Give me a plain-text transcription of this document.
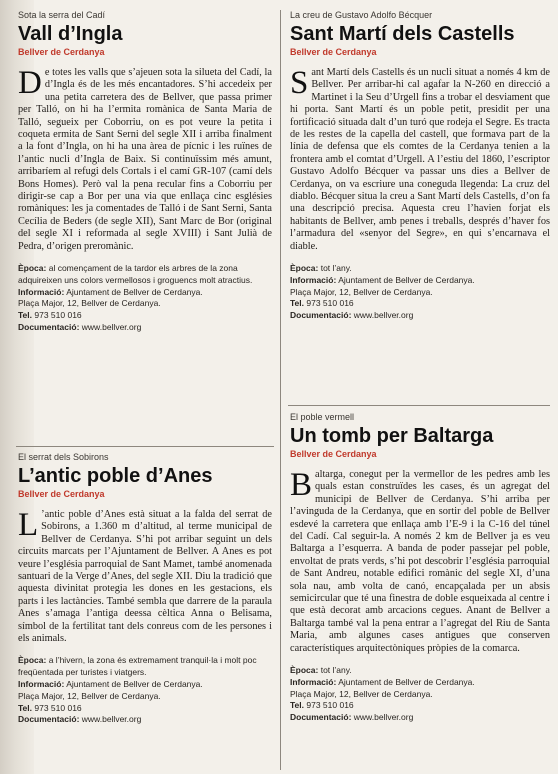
Sota la serra del Cadí
Vall d’Ingla
Bellver de Cerdanya
D e totes les valls que s’ajeuen sota la silueta del Cadí, la d’Ingla és de les més encantadores. S’hi accedeix per una petita carretera des de Bellver, que passa primer per Talló, on hi ha l’ermita romànica de Santa Maria de Talló, segueix per Coborriu, on es pot veure la petita i coqueta ermita de Sant Serni del segle XII i arriba finalment a la font d’Ingla, on hi ha una àrea de pícnic i les ruïnes de l’antic nucli d’Ingla de Baix. Si continuïssim més amunt, arribaríem al refugi dels Cortals i el camí GR-107 (camí dels Bons Homes). Però val la pena recular fins a Coborriu per dirigir-se cap a Bor per una via que enllaça cinc esglésies romàniques: les ja comentades de Talló i de Sant Serni, Santa Cecília de Beders (de segle XII), Sant Marc de Bor (original del segle XI i reformada al segle XVIII) i Sant Julià de Pedra, d’origen preromànic.
Època: al començament de la tardor els arbres de la zona adquireixen uns colors vermellosos i groguencs molt atractius.
Informació: Ajuntament de Bellver de Cerdanya.
Plaça Major, 12, Bellver de Cerdanya.
Tel. 973 510 016
Documentació: www.bellver.org
El serrat dels Sobirons
L’antic poble d’Anes
Bellver de Cerdanya
L ’antic poble d’Anes està situat a la falda del serrat de Sobirons, a 1.360 m d’altitud, al terme municipal de Bellver de Cerdanya. S’hi pot arribar seguint un dels circuits marcats per l’Ajuntament de Bellver. A Anes es pot veure l’església parroquial de Sant Mamet, també anomenada santuari de la Verge d’Anes, del segle XII. Diu la tradició que aquesta divinitat protegia les dones en les gestacions, els parts i les lactàncies. També sembla que darrere de la paraula Anes s’amaga l’antiga deessa cèltica Anna o Belisama, símbol de la fertilitat tant dels conreus com de les persones i els animals.
Època: a l’hivern, la zona és extremament tranquil·la i molt poc freqüentada per turistes i viatgers.
Informació: Ajuntament de Bellver de Cerdanya.
Plaça Major, 12, Bellver de Cerdanya.
Tel. 973 510 016
Documentació: www.bellver.org
La creu de Gustavo Adolfo Bécquer
Sant Martí dels Castells
Bellver de Cerdanya
S ant Martí dels Castells és un nucli situat a només 4 km de Bellver. Per arribar-hi cal agafar la N-260 en direcció a Martinet i la Seu d’Urgell fins a trobar el desviament que hi porta. Sant Martí és un poble petit, presidit per una fortificació situada dalt d’un turó que rodeja el Segre. Es tracta de les restes de la capella del castell, que formava part de la línia de defensa que els comtes de la Cerdanya tenien a la frontera amb el comtat d’Urgell. A l’estiu del 1860, l’escriptor Gustavo Adolfo Bécquer va passar uns dies a Bellver de Cerdanya, on va escriure una coneguda llegenda: La cruz del diablo. Bécquer situa la creu a Sant Martí dels Castells, d’on fa una descripció precisa. Aquesta creu l’havien forjat els habitants de Bellver, amb penes i treballs, després d’haver fos l’armadura del «senyor del Segre», en qui s’encarnava el diable.
Època: tot l’any.
Informació: Ajuntament de Bellver de Cerdanya.
Plaça Major, 12, Bellver de Cerdanya.
Tel. 973 510 016
Documentació: www.bellver.org
El poble vermell
Un tomb per Baltarga
Bellver de Cerdanya
B altarga, conegut per la vermellor de les pedres amb les quals estan construïdes les cases, és un agregat del municipi de Bellver de Cerdanya. S’hi arriba per l’avinguda de la Cerdanya, que en sortir del poble de Bellver esdevé la carretera que enllaça amb l’E-9 i la C-16 del túnel del Cadí. Cal seguir-la. A només 2 km de Bellver ja es veu Baltarga a l’esquerra. A banda de poder passejar pel poble, envoltat de prats verds, s’hi pot descobrir l’església parroquial de Sant Andreu, notable edifici romànic del segle XI, d’una sola nau, amb volta de canó, encapçalada per un absis semicircular que té una finestra de doble esqueixada al centre i que està decorat amb arcacions cegues. Anant de Bellver a Baltarga també val la pena entrar a l’agregat del Riu de Santa Maria, amb algunes cases antigues que conserven característiques arquitectòniques pròpies de la comarca.
Època: tot l’any.
Informació: Ajuntament de Bellver de Cerdanya.
Plaça Major, 12, Bellver de Cerdanya.
Tel. 973 510 016
Documentació: www.bellver.org
